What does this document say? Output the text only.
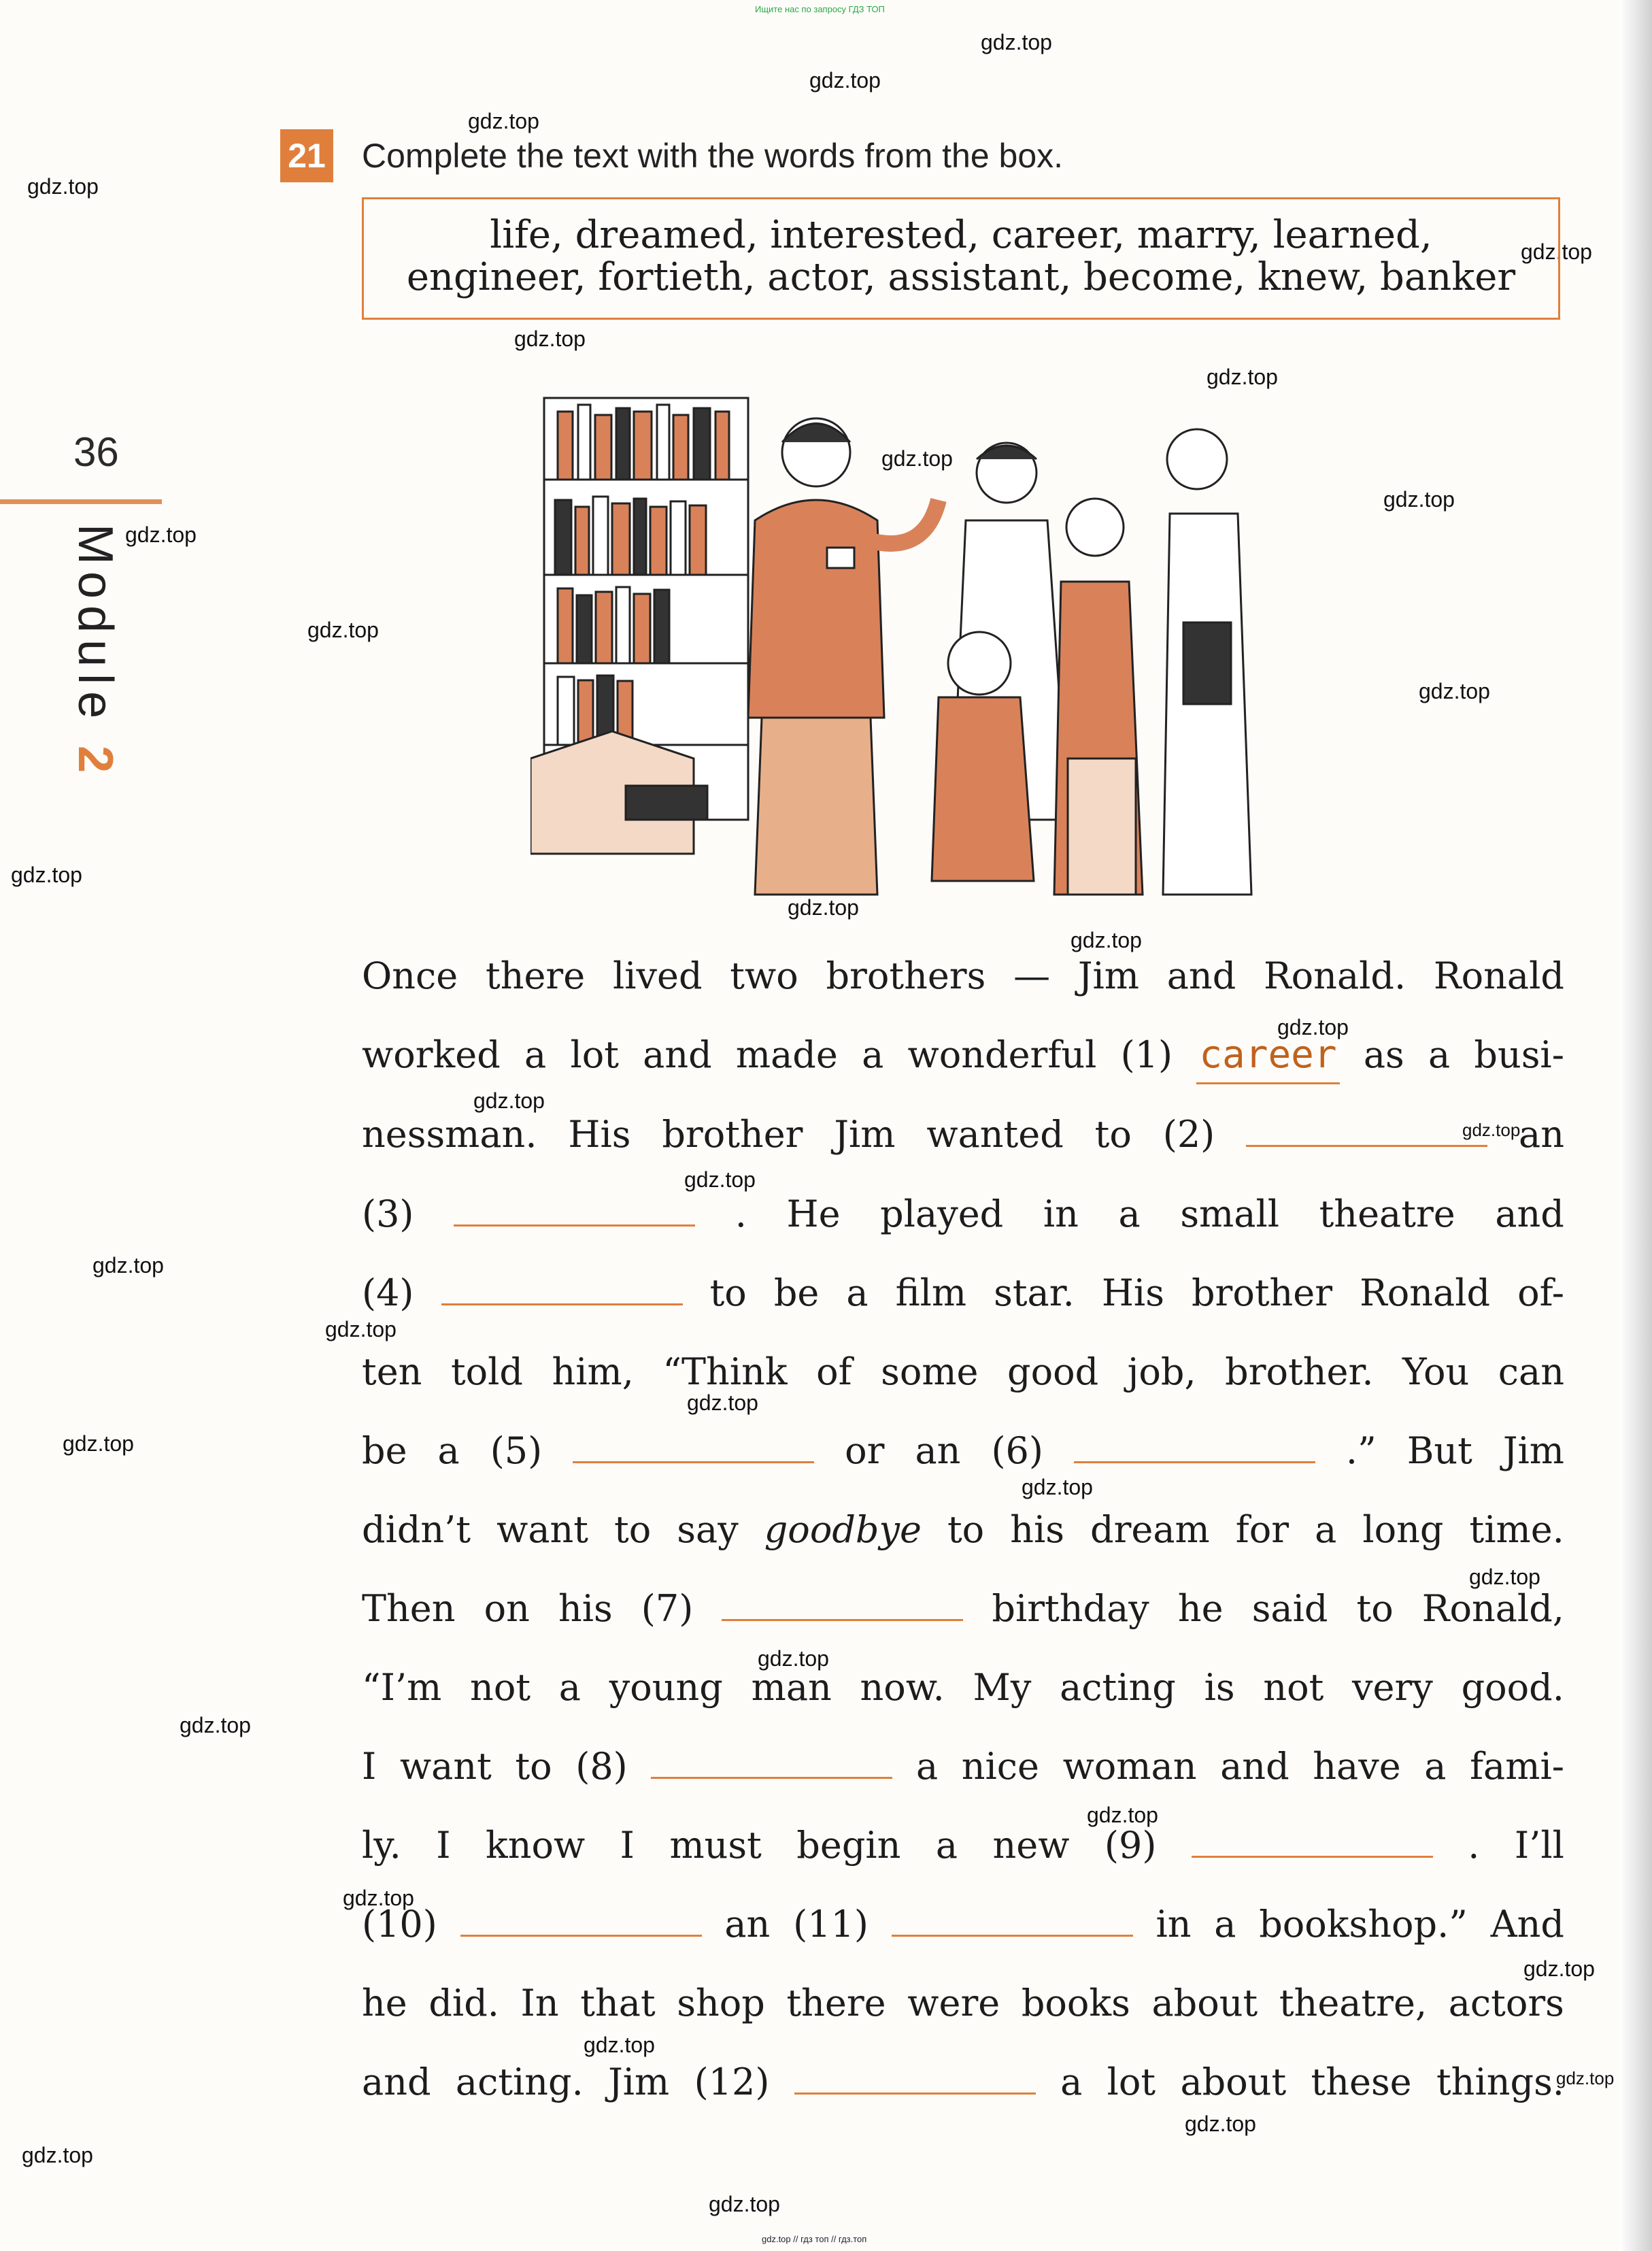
Ищите нас по запросу ГДЗ ТОП
gdz.top // гдз топ // гдз.топ
gdz.top
gdz.top
gdz.top
gdz.top
gdz.top
gdz.top
gdz.top
gdz.top
gdz.top
gdz.top
gdz.top
gdz.top
gdz.top
gdz.top
gdz.top
gdz.top
gdz.top
gdz.top
gdz.top
gdz.top
gdz.top
gdz.top
gdz.top
gdz.top
gdz.top
gdz.top
gdz.top
gdz.top
gdz.top
gdz.top
gdz.top
gdz.top
gdz.top
gdz.top
gdz.top
36
Module 2
21 Complete the text with the words from the box.
life, dreamed, interested, career, marry, learned,
engineer, fortieth, actor, assistant, become, knew, banker
Once there lived two brothers — Jim and Ronald. Ronald
worked a lot and made a wonderful (1) career as a busi-
nessman. His brother Jim wanted to (2)	an
(3)	. He played in a small theatre and
(4)	to be a film star. His brother Ronald of-
ten told him, “Think of some good job, brother. You can
be a (5)	or an (6)	.” But Jim
didn’t want to say goodbye to his dream for a long time.
Then on his (7)	birthday he said to Ronald,
“I’m not a young man now. My acting is not very good.
I want to (8)	a nice woman and have a fami-
ly. I know I must begin a new (9)	. I’ll
(10)	an (11)	in a bookshop.” And
he did. In that shop there were books about theatre, actors
and acting. Jim (12)	a lot about these things.
